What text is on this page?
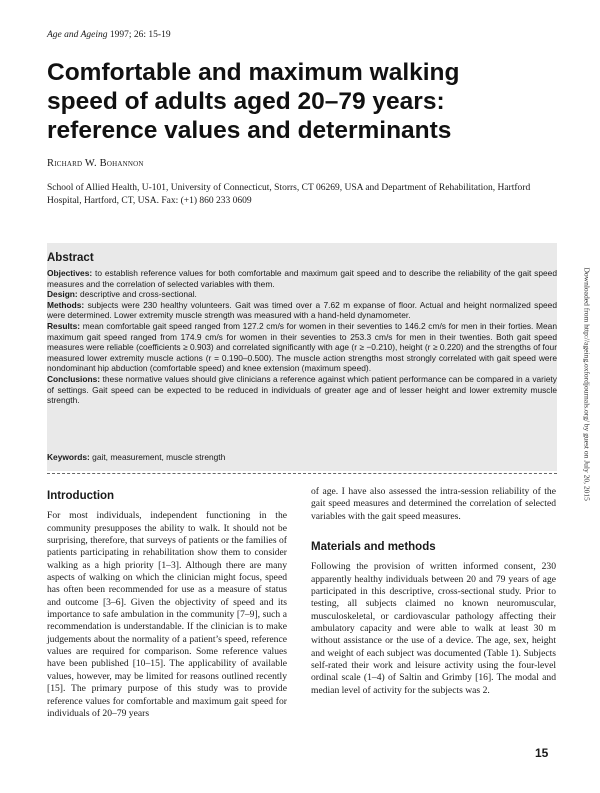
Age and Ageing 1997; 26: 15-19
Comfortable and maximum walking
speed of adults aged 20–79 years:
reference values and determinants
Richard W. Bohannon
School of Allied Health, U-101, University of Connecticut, Storrs, CT 06269, USA and Department of Rehabilitation, Hartford Hospital, Hartford, CT, USA. Fax: (+1) 860 233 0609
Abstract

Objectives: to establish reference values for both comfortable and maximum gait speed and to describe the reliability of the gait speed measures and the correlation of selected variables with them.

Design: descriptive and cross-sectional.

Methods: subjects were 230 healthy volunteers. Gait was timed over a 7.62 m expanse of floor. Actual and height normalized speed were determined. Lower extremity muscle strength was measured with a hand-held dynamometer.

Results: mean comfortable gait speed ranged from 127.2 cm/s for women in their seventies to 146.2 cm/s for men in their forties. Mean maximum gait speed ranged from 174.9 cm/s for women in their seventies to 253.3 cm/s for men in their twenties. Both gait speed measures were reliable (coefficients ≥ 0.903) and correlated significantly with age (r ≥ −0.210), height (r ≥ 0.220) and the strengths of four measured lower extremity muscle actions (r = 0.190–0.500). The muscle action strengths most strongly correlated with gait speed were nondominant hip abduction (comfortable speed) and knee extension (maximum speed).

Conclusions: these normative values should give clinicians a reference against which patient performance can be compared in a variety of settings. Gait speed can be expected to be reduced in individuals of greater age and of lesser height and lower extremity muscle strength.

Keywords: gait, measurement, muscle strength
Introduction

For most individuals, independent functioning in the community presupposes the ability to walk. It should not be surprising, therefore, that surveys of patients or the families of patients participating in rehabilitation show them to consider walking as a high priority [1–3]. Although there are many aspects of walking on which the clinician might focus, speed has often been recommended for use as a measure of status and outcome [3–6]. Given the objectivity of speed and its importance to safe ambulation in the community [7–9], such a recommendation is understandable. If the clinician is to make judgements about the normality of a patient’s speed, reference values are required for comparison. Some reference values have been published [10–15]. The applicability of available values, however, may be limited for reasons outlined recently [15]. The primary purpose of this study was to provide reference values for comfortable and maximum gait speed for individuals of 20–79 years

of age. I have also assessed the intra-session reliability of the gait speed measures and determined the correlation of selected variables with the gait speed measures.

Materials and methods

Following the provision of written informed consent, 230 apparently healthy individuals between 20 and 79 years of age participated in this descriptive, cross-sectional study. Prior to testing, all subjects claimed no known neuromuscular, musculoskeletal, or cardiovascular pathology affecting their ambulatory capacity and were able to walk at least 30 m without assistance or the use of a device. The age, sex, height and weight of each subject was documented (Table 1). Subjects self-rated their work and leisure activity using the four-level ordinal scale (1–4) of Saltin and Grimby [16]. The modal and median level of activity for the subjects was 2.

Downloaded from http://ageing.oxfordjournals.org/ by guest on July 20, 2015
15
